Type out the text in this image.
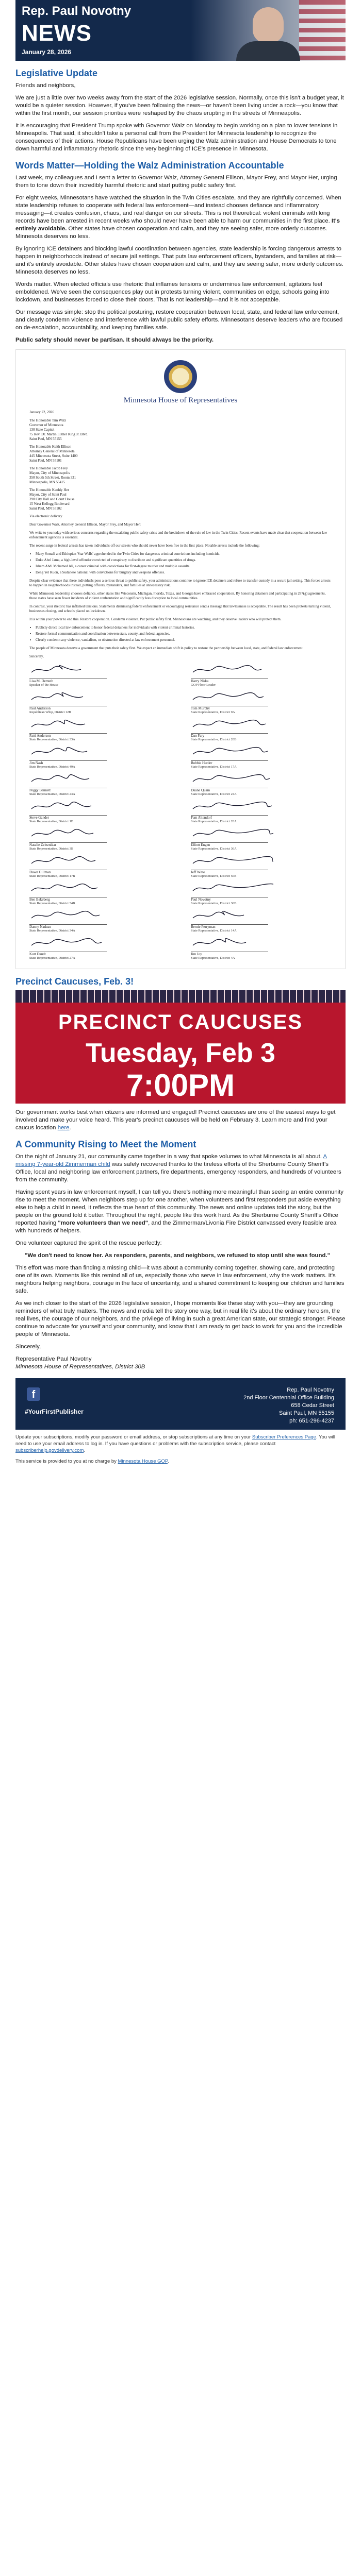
Rep. Paul Novotny
NEWS
January 28, 2026
Legislative Update

Friends and neighbors,

We are just a little over two weeks away from the start of the 2026 legislative session. Normally, once this isn't a budget year, it would be a quieter session. However, if you've been following the news—or haven't been living under a rock—you know that within the first month, our session priorities were reshaped by the chaos erupting in the streets of Minneapolis.

It is encouraging that President Trump spoke with Governor Walz on Monday to begin working on a plan to lower tensions in Minneapolis. That said, it shouldn't take a personal call from the President for Minnesota leadership to recognize the consequences of their actions. House Republicans have been urging the Walz administration and House Democrats to tone down harmful and inflammatory rhetoric since the very beginning of ICE's presence in Minnesota.

Words Matter—Holding the Walz Administration Accountable

Last week, my colleagues and I sent a letter to Governor Walz, Attorney General Ellison, Mayor Frey, and Mayor Her, urging them to tone down their incredibly harmful rhetoric and start putting public safety first.

For eight weeks, Minnesotans have watched the situation in the Twin Cities escalate, and they are rightfully concerned. When state leadership refuses to cooperate with federal law enforcement—and instead chooses defiance and inflammatory messaging—it creates confusion, chaos, and real danger on our streets. This is not theoretical: violent criminals with long records have been arrested in recent weeks who should never have been able to harm our communities in the first place. It's entirely avoidable. Other states have chosen cooperation and calm, and they are seeing safer, more orderly outcomes. Minnesota deserves no less.

By ignoring ICE detainers and blocking lawful coordination between agencies, state leadership is forcing dangerous arrests to happen in neighborhoods instead of secure jail settings. That puts law enforcement officers, bystanders, and families at risk—and it's entirely avoidable. Other states have chosen cooperation and calm, and they are seeing safer, more orderly outcomes. Minnesota deserves no less.

Words matter. When elected officials use rhetoric that inflames tensions or undermines law enforcement, agitators feel emboldened. We've seen the consequences play out in protests turning violent, communities on edge, schools going into lockdown, and businesses forced to close their doors. That is not leadership—and it is not acceptable.

Our message was simple: stop the political posturing, restore cooperation between local, state, and federal law enforcement, and clearly condemn violence and interference with lawful public safety efforts. Minnesotans deserve leaders who are focused on de-escalation, accountability, and keeping families safe.

Public safety should never be partisan. It should always be the priority.

Minnesota House of Representatives

January 22, 2026

The Honorable Tim Walz
Governor of Minnesota
130 State Capitol
75 Rev. Dr. Martin Luther King Jr. Blvd.
Saint Paul, MN 55155

The Honorable Keith Ellison
Attorney General of Minnesota
445 Minnesota Street, Suite 1400
Saint Paul, MN 55101

The Honorable Jacob Frey
Mayor, City of Minneapolis
350 South 5th Street, Room 331
Minneapolis, MN 55415

The Honorable Kaohly Her
Mayor, City of Saint Paul
390 City Hall and Court House
15 West Kellogg Boulevard
Saint Paul, MN 55102

Via electronic delivery

Dear Governor Walz, Attorney General Ellison, Mayor Frey, and Mayor Her:

We write to you today with serious concerns regarding the escalating public safety crisis and the breakdown of the rule of law in the Twin Cities. Recent events have made clear that cooperation between law enforcement agencies is essential.

The recent surge in federal arrests has taken individuals off our streets who should never have been free in the first place. Notable arrests include the following:

• Many Somali and Ethiopian 'Star Wells' apprehended in the Twin Cities for dangerous criminal convictions including homicide.
• Duke Abel Jama, a high-level offender convicted of conspiracy to distribute and significant quantities of drugs.
• Isham Abdi Mohamed Ali, a career criminal with convictions for first-degree murder and multiple assaults.
• Deng Yel Kuon, a Sudanese national with convictions for burglary and weapons offenses.

Despite clear evidence that these individuals pose a serious threat to public safety, your administrations continue to ignore ICE detainers and refuse to transfer custody in a secure jail setting. This forces arrests to happen in neighborhoods instead, putting officers, bystanders, and families at unnecessary risk.

While Minnesota leadership chooses defiance, other states like Wisconsin, Michigan, Florida, Texas, and Georgia have embraced cooperation. By honoring detainers and participating in 287(g) agreements, those states have seen fewer incidents of violent confrontation and significantly less disruption to local communities.

In contrast, your rhetoric has inflamed tensions. Statements dismissing federal enforcement or encouraging resistance send a message that lawlessness is acceptable. The result has been protests turning violent, businesses closing, and schools placed on lockdown.

It is within your power to end this. Restore cooperation. Condemn violence. Put public safety first. Minnesotans are watching, and they deserve leaders who will protect them.

• Publicly direct local law enforcement to honor federal detainers for individuals with violent criminal histories.
• Restore formal communication and coordination between state, county, and federal agencies.
• Clearly condemn any violence, vandalism, or obstruction directed at law enforcement personnel.

The people of Minnesota deserve a government that puts their safety first. We expect an immediate shift in policy to restore the partnership between local, state, and federal law enforcement.

Sincerely,

Lisa M. Demuth
Speaker of the House
Harry Niska
GOP Floor Leader
Paul Anderson
Republican Whip, District 12B
Tom Murphy
State Representative, District 9A
Patti Anderson
State Representative, District 33A
Dan Fary
State Representative, District 20B
Jim Nash
State Representative, District 49A
Bobbie Harder
State Representative, District 17A
Peggy Bennett
State Representative, District 23A
Duane Quam
State Representative, District 24A
Steve Gander
State Representative, District 1B
Pam Altendorf
State Representative, District 20A
Natalie Zeleznikar
State Representative, District 3B
Elliott Engen
State Representative, District 36A
Dawn Gillman
State Representative, District 17B
Jeff Witte
State Representative, District 56B
Ben Bakeberg
State Representative, District 54B
Paul Novotny
State Representative, District 30B
Danny Nadeau
State Representative, District 34A
Bernie Perryman
State Representative, District 14A
Kurt Daudt
State Representative, District 27A
Jim Joy
State Representative, District 4A
Precinct Caucuses, Feb. 3!
PRECINCT CAUCUSES
Tuesday, Feb 3
7:00PM

Our government works best when citizens are informed and engaged! Precinct caucuses are one of the easiest ways to get involved and make your voice heard. This year's precinct caucuses will be held on February 3. Learn more and find your caucus location here.

A Community Rising to Meet the Moment

On the night of January 21, our community came together in a way that spoke volumes to what Minnesota is all about. A missing 7-year-old Zimmerman child was safely recovered thanks to the tireless efforts of the Sherburne County Sheriff's Office, local and neighboring law enforcement partners, fire departments, emergency responders, and hundreds of volunteers from the community.

Having spent years in law enforcement myself, I can tell you there's nothing more meaningful than seeing an entire community rise to meet the moment. When neighbors step up for one another, when volunteers and first responders put aside everything else to help a child in need, it reflects the true heart of this community. The news and online updates told the story, but the people on the ground told it better. Throughout the night, people like this work hard. As the Sherburne County Sheriff's Office reported having "more volunteers than we need", and the Zimmerman/Livonia Fire District canvassed every feasible area with hundreds of helpers.

One volunteer captured the spirit of the rescue perfectly:

"We don't need to know her. As responders, parents, and neighbors, we refused to stop until she was found."

This effort was more than finding a missing child—it was about a community coming together, showing care, and protecting one of its own. Moments like this remind all of us, especially those who serve in law enforcement, why the work matters. It's neighbors helping neighbors, courage in the face of uncertainty, and a shared commitment to keeping our children and families safe.

As we inch closer to the start of the 2026 legislative session, I hope moments like these stay with you—they are grounding reminders of what truly matters. The news and media tell the story one way, but in real life it's about the ordinary heroism, the real lives, the courage of our neighbors, and the privilege of living in such a great American state, our strategic stronger. Please continue to advocate for yourself and your community, and know that I am ready to get back to work for you and the incredible people of Minnesota.

Sincerely,

Representative Paul Novotny

Minnesota House of Representatives, District 30B

f
#YourFirstPublisher
Rep. Paul Novotny
2nd Floor Centennial Office Building
658 Cedar Street
Saint Paul, MN 55155
ph: 651-296-4237

Update your subscriptions, modify your password or email address, or stop subscriptions at any time on your Subscriber Preferences Page. You will need to use your email address to log in. If you have questions or problems with the subscription service, please contact subscriberhelp.govdelivery.com.

This service is provided to you at no charge by Minnesota House GOP.
